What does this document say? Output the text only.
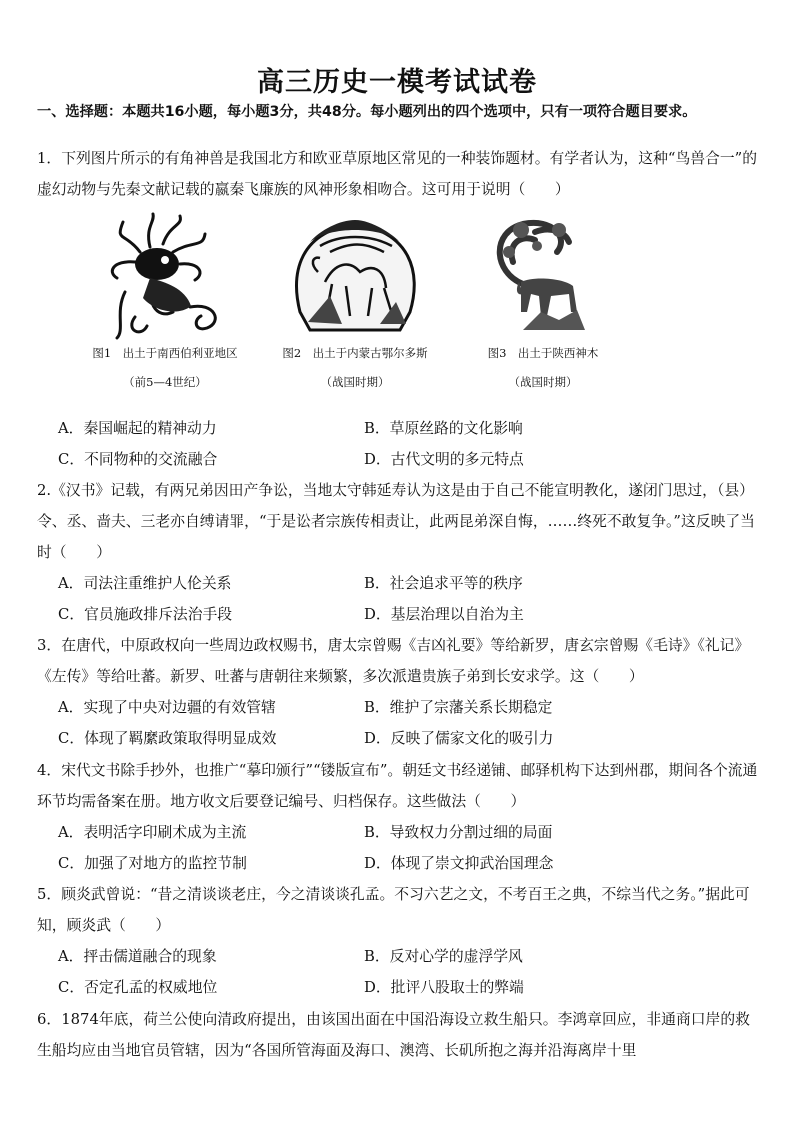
高三历史一模考试试卷
一、选择题：本题共16小题，每小题3分，共48分。每小题列出的四个选项中，只有一项符合题目要求。
1．下列图片所示的有角神兽是我国北方和欧亚草原地区常见的一种装饰题材。有学者认为，这种“鸟兽合一”的虚幻动物与先秦文献记载的嬴秦飞廉族的风神形象相吻合。这可用于说明（　　）
图1　出土于南西伯利亚地区
（前5—4世纪）
图2　出土于内蒙古鄂尔多斯
（战国时期）
图3　出土于陕西神木
（战国时期）
A．秦国崛起的精神动力	B．草原丝路的文化影响
C．不同物种的交流融合	D．古代文明的多元特点
2.《汉书》记载，有两兄弟因田产争讼，当地太守韩延寿认为这是由于自己不能宣明教化，遂闭门思过，（县）令、丞、啬夫、三老亦自缚请罪，“于是讼者宗族传相责让，此两昆弟深自悔，……终死不敢复争。”这反映了当时（　　）
A．司法注重维护人伦关系	B．社会追求平等的秩序
C．官员施政排斥法治手段	D．基层治理以自治为主
3．在唐代，中原政权向一些周边政权赐书，唐太宗曾赐《吉凶礼要》等给新罗，唐玄宗曾赐《毛诗》《礼记》《左传》等给吐蕃。新罗、吐蕃与唐朝往来频繁，多次派遣贵族子弟到长安求学。这（　　）
A．实现了中央对边疆的有效管辖	B．维护了宗藩关系长期稳定
C．体现了羁縻政策取得明显成效	D．反映了儒家文化的吸引力
4．宋代文书除手抄外，也推广“摹印颁行”“镂版宣布”。朝廷文书经递铺、邮驿机构下达到州郡，期间各个流通环节均需备案在册。地方收文后要登记编号、归档保存。这些做法（　　）
A．表明活字印刷术成为主流	B．导致权力分割过细的局面
C．加强了对地方的监控节制	D．体现了崇文抑武治国理念
5．顾炎武曾说：“昔之清谈谈老庄，今之清谈谈孔孟。不习六艺之文，不考百王之典，不综当代之务。”据此可知，顾炎武（　　）
A．抨击儒道融合的现象	B．反对心学的虚浮学风
C．否定孔孟的权威地位	D．批评八股取士的弊端
6．1874年底，荷兰公使向清政府提出，由该国出面在中国沿海设立救生船只。李鸿章回应，非通商口岸的救生船均应由当地官员管辖，因为“各国所管海面及海口、澳湾、长矶所抱之海并沿海离岸十里
